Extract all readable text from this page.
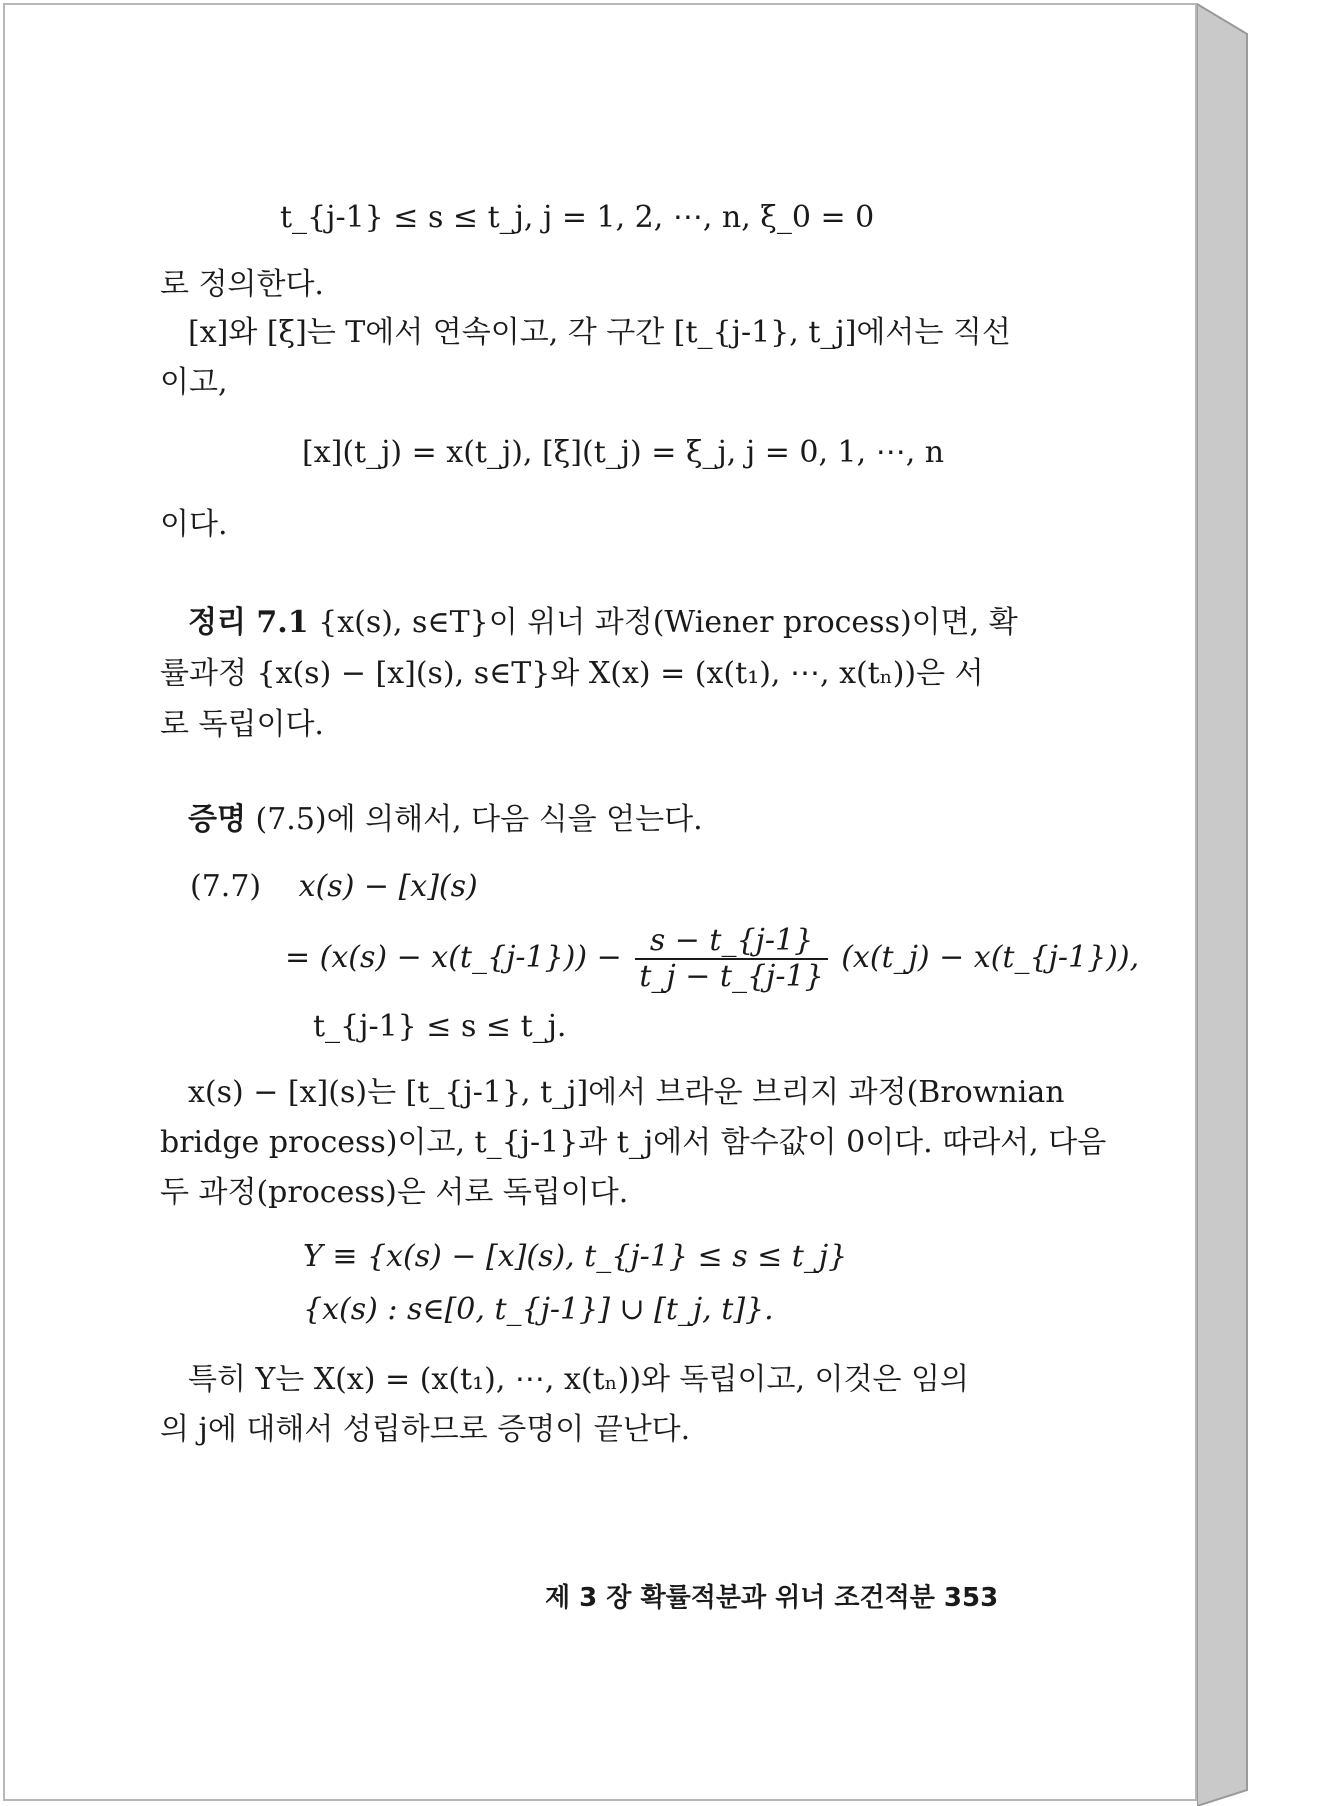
t_{j-1} ≤ s ≤ t_j, j = 1, 2, ⋯, n, ξ_0 = 0
로 정의한다.
[x]와 [ξ]는 T에서 연속이고, 각 구간 [t_{j-1}, t_j]에서는 직선
이고,
[x](t_j) = x(t_j), [ξ](t_j) = ξ_j, j = 0, 1, ⋯, n
이다.
정리 7.1 {x(s), s∈T}이 위너 과정(Wiener process)이면, 확
률과정 {x(s) − [x](s), s∈T}와 X(x) = (x(t₁), ⋯, x(tₙ))은 서
로 독립이다.
증명 (7.5)에 의해서, 다음 식을 얻는다.
(7.7) x(s) − [x](s)
= (x(s) − x(t_{j-1})) − $\frac{s - t\_\{j-1\}}{t\_j - t\_\{j-1\}}$ (x(t_j) − x(t_{j-1})),
t_{j-1} ≤ s ≤ t_j.
x(s) − [x](s)는 [t_{j-1}, t_j]에서 브라운 브리지 과정(Brownian
bridge process)이고, t_{j-1}과 t_j에서 함수값이 0이다. 따라서, 다음
두 과정(process)은 서로 독립이다.
Y ≡ {x(s) − [x](s), t_{j-1} ≤ s ≤ t_j}
{x(s) : s∈[0, t_{j-1}] ∪ [t_j, t]}.
특히 Y는 X(x) = (x(t₁), ⋯, x(tₙ))와 독립이고, 이것은 임의
의 j에 대해서 성립하므로 증명이 끝난다.
제 3 장 확률적분과 위너 조건적분 353
